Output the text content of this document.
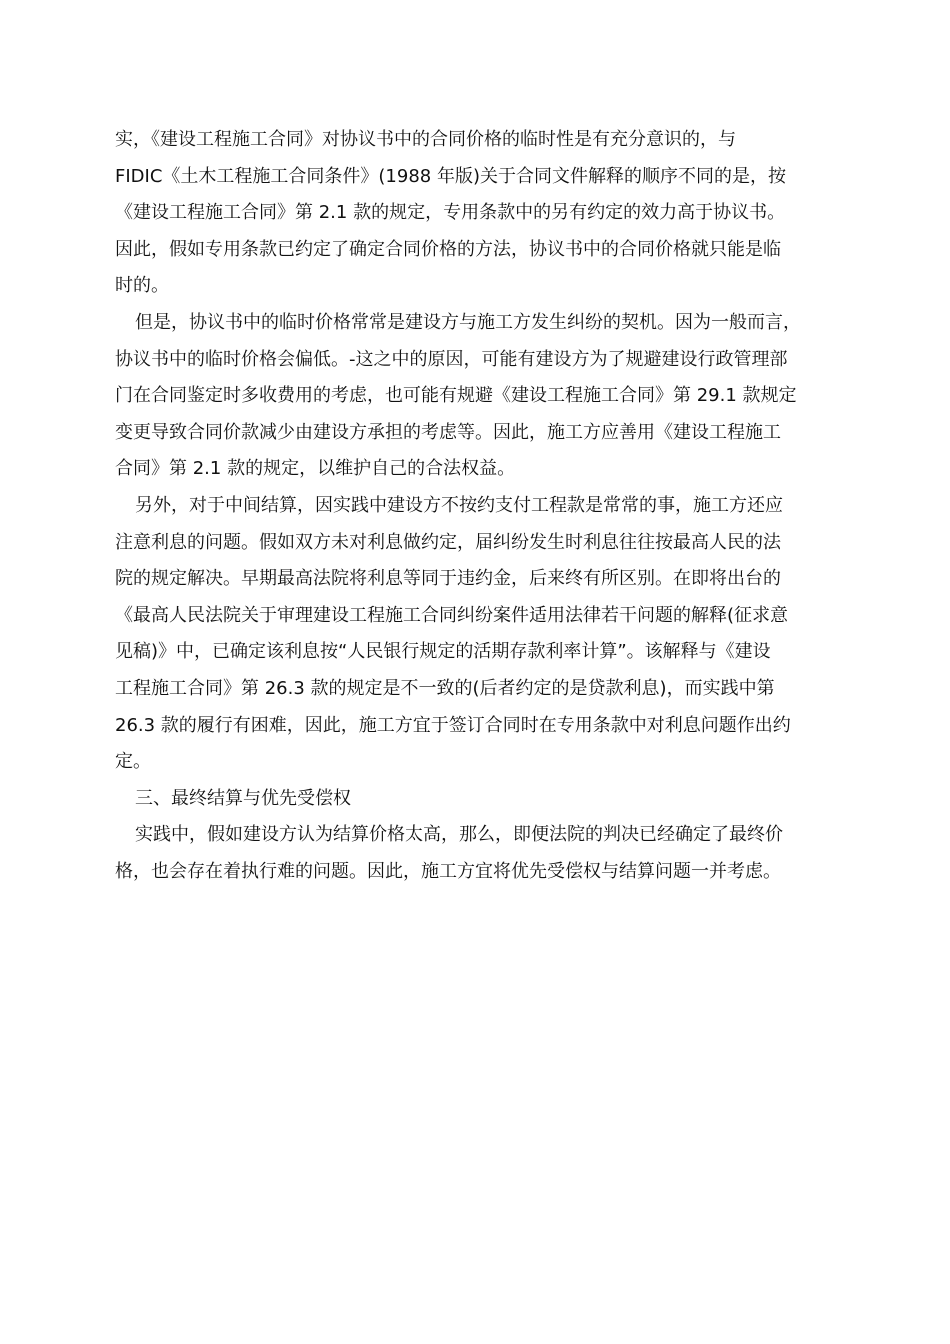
实，《建设工程施工合同》对协议书中的合同价格的临时性是有充分意识的，与
FIDIC《土木工程施工合同条件》(1988 年版)关于合同文件解释的顺序不同的是，按
《建设工程施工合同》第 2.1 款的规定，专用条款中的另有约定的效力高于协议书。
因此，假如专用条款已约定了确定合同价格的方法，协议书中的合同价格就只能是临
时的。
但是，协议书中的临时价格常常是建设方与施工方发生纠纷的契机。因为一般而言，
协议书中的临时价格会偏低。-这之中的原因，可能有建设方为了规避建设行政管理部
门在合同鉴定时多收费用的考虑，也可能有规避《建设工程施工合同》第 29.1 款规定
变更导致合同价款减少由建设方承担的考虑等。因此，施工方应善用《建设工程施工
合同》第 2.1 款的规定，以维护自己的合法权益。
另外，对于中间结算，因实践中建设方不按约支付工程款是常常的事，施工方还应
注意利息的问题。假如双方未对利息做约定，届纠纷发生时利息往往按最高人民的法
院的规定解决。早期最高法院将利息等同于违约金，后来终有所区别。在即将出台的
《最高人民法院关于审理建设工程施工合同纠纷案件适用法律若干问题的解释(征求意
见稿)》中，已确定该利息按“人民银行规定的活期存款利率计算”。该解释与《建设
工程施工合同》第 26.3 款的规定是不一致的(后者约定的是贷款利息)，而实践中第
26.3 款的履行有困难，因此，施工方宜于签订合同时在专用条款中对利息问题作出约
定。
三、最终结算与优先受偿权
实践中，假如建设方认为结算价格太高，那么，即便法院的判决已经确定了最终价
格，也会存在着执行难的问题。因此，施工方宜将优先受偿权与结算问题一并考虑。
